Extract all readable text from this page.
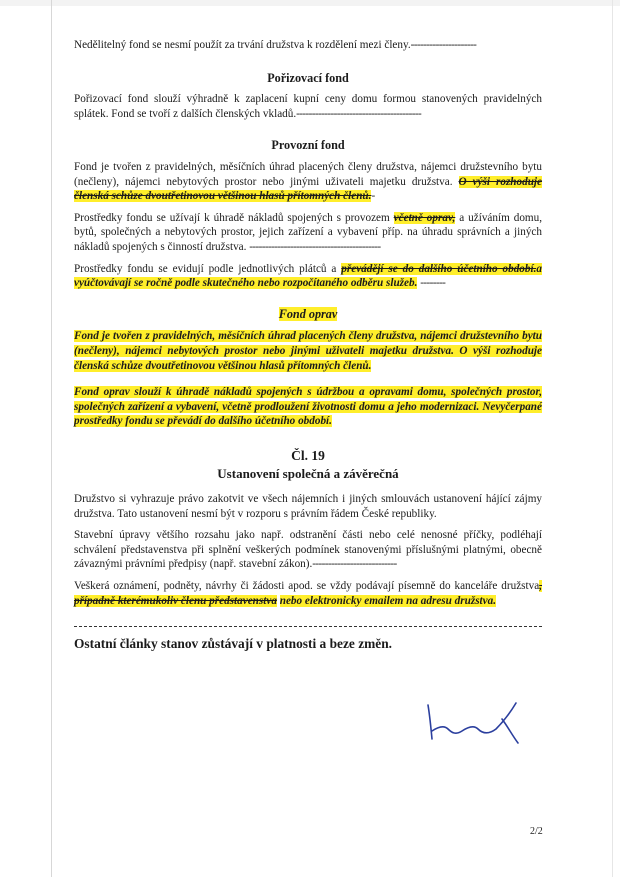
Nedělitelný fond se nesmí použít za trvání družstva k rozdělení mezi členy.---------------------

Pořizovací fond

Pořizovací fond slouží výhradně k zaplacení kupní ceny domu formou stanovených pravidelných splátek. Fond se tvoří z dalších členských vkladů.----------------------------------------

Provozní fond

Fond je tvořen z pravidelných, měsíčních úhrad placených členy družstva, nájemci družstevního bytu (nečleny), nájemci nebytových prostor nebo jinými uživateli majetku družstva. O výši rozhoduje členská schůze dvoutřetinovou většinou hlasů přítomných členů.-

Prostředky fondu se užívají k úhradě nákladů spojených s provozem včetně oprav, a užíváním domu, bytů, společných a nebytových prostor, jejich zařízení a vybavení příp. na úhradu správních a jiných nákladů spojených s činností družstva. ------------------------------------------

Prostředky fondu se evidují podle jednotlivých plátců a převádějí se do dalšího účetního období.a vyúčtovávají se ročně podle skutečného nebo rozpočítaného odběru služeb. --------

Fond oprav

Fond je tvořen z pravidelných, měsíčních úhrad placených členy družstva, nájemci družstevního bytu (nečleny), nájemci nebytových prostor nebo jinými uživateli majetku družstva. O výši rozhoduje členská schůze dvoutřetinovou většinou hlasů přítomných členů.

Fond oprav slouží k úhradě nákladů spojených s údržbou a opravami domu, společných prostor, společných zařízení a vybavení, včetně prodloužení životnosti domu a jeho modernizaci. Nevyčerpané prostředky fondu se převádí do dalšího účetního období.

Čl. 19

Ustanovení společná a závěrečná

Družstvo si vyhrazuje právo zakotvit ve všech nájemních i jiných smlouvách ustanovení hájící zájmy družstva. Tato ustanovení nesmí být v rozporu s právním řádem České republiky.

Stavební úpravy většího rozsahu jako např. odstranění části nebo celé nenosné příčky, podléhají schválení představenstva při splnění veškerých podmínek stanovenými příslušnými platnými, obecně závaznými právními předpisy (např. stavební zákon).---------------------------

Veškerá oznámení, podněty, návrhy či žádosti apod. se vždy podávají písemně do kanceláře družstva, případně kterémukoliv členu představenstva nebo elektronicky emailem na adresu družstva.

Ostatní články stanov zůstávají v platnosti a beze změn.

2/2
